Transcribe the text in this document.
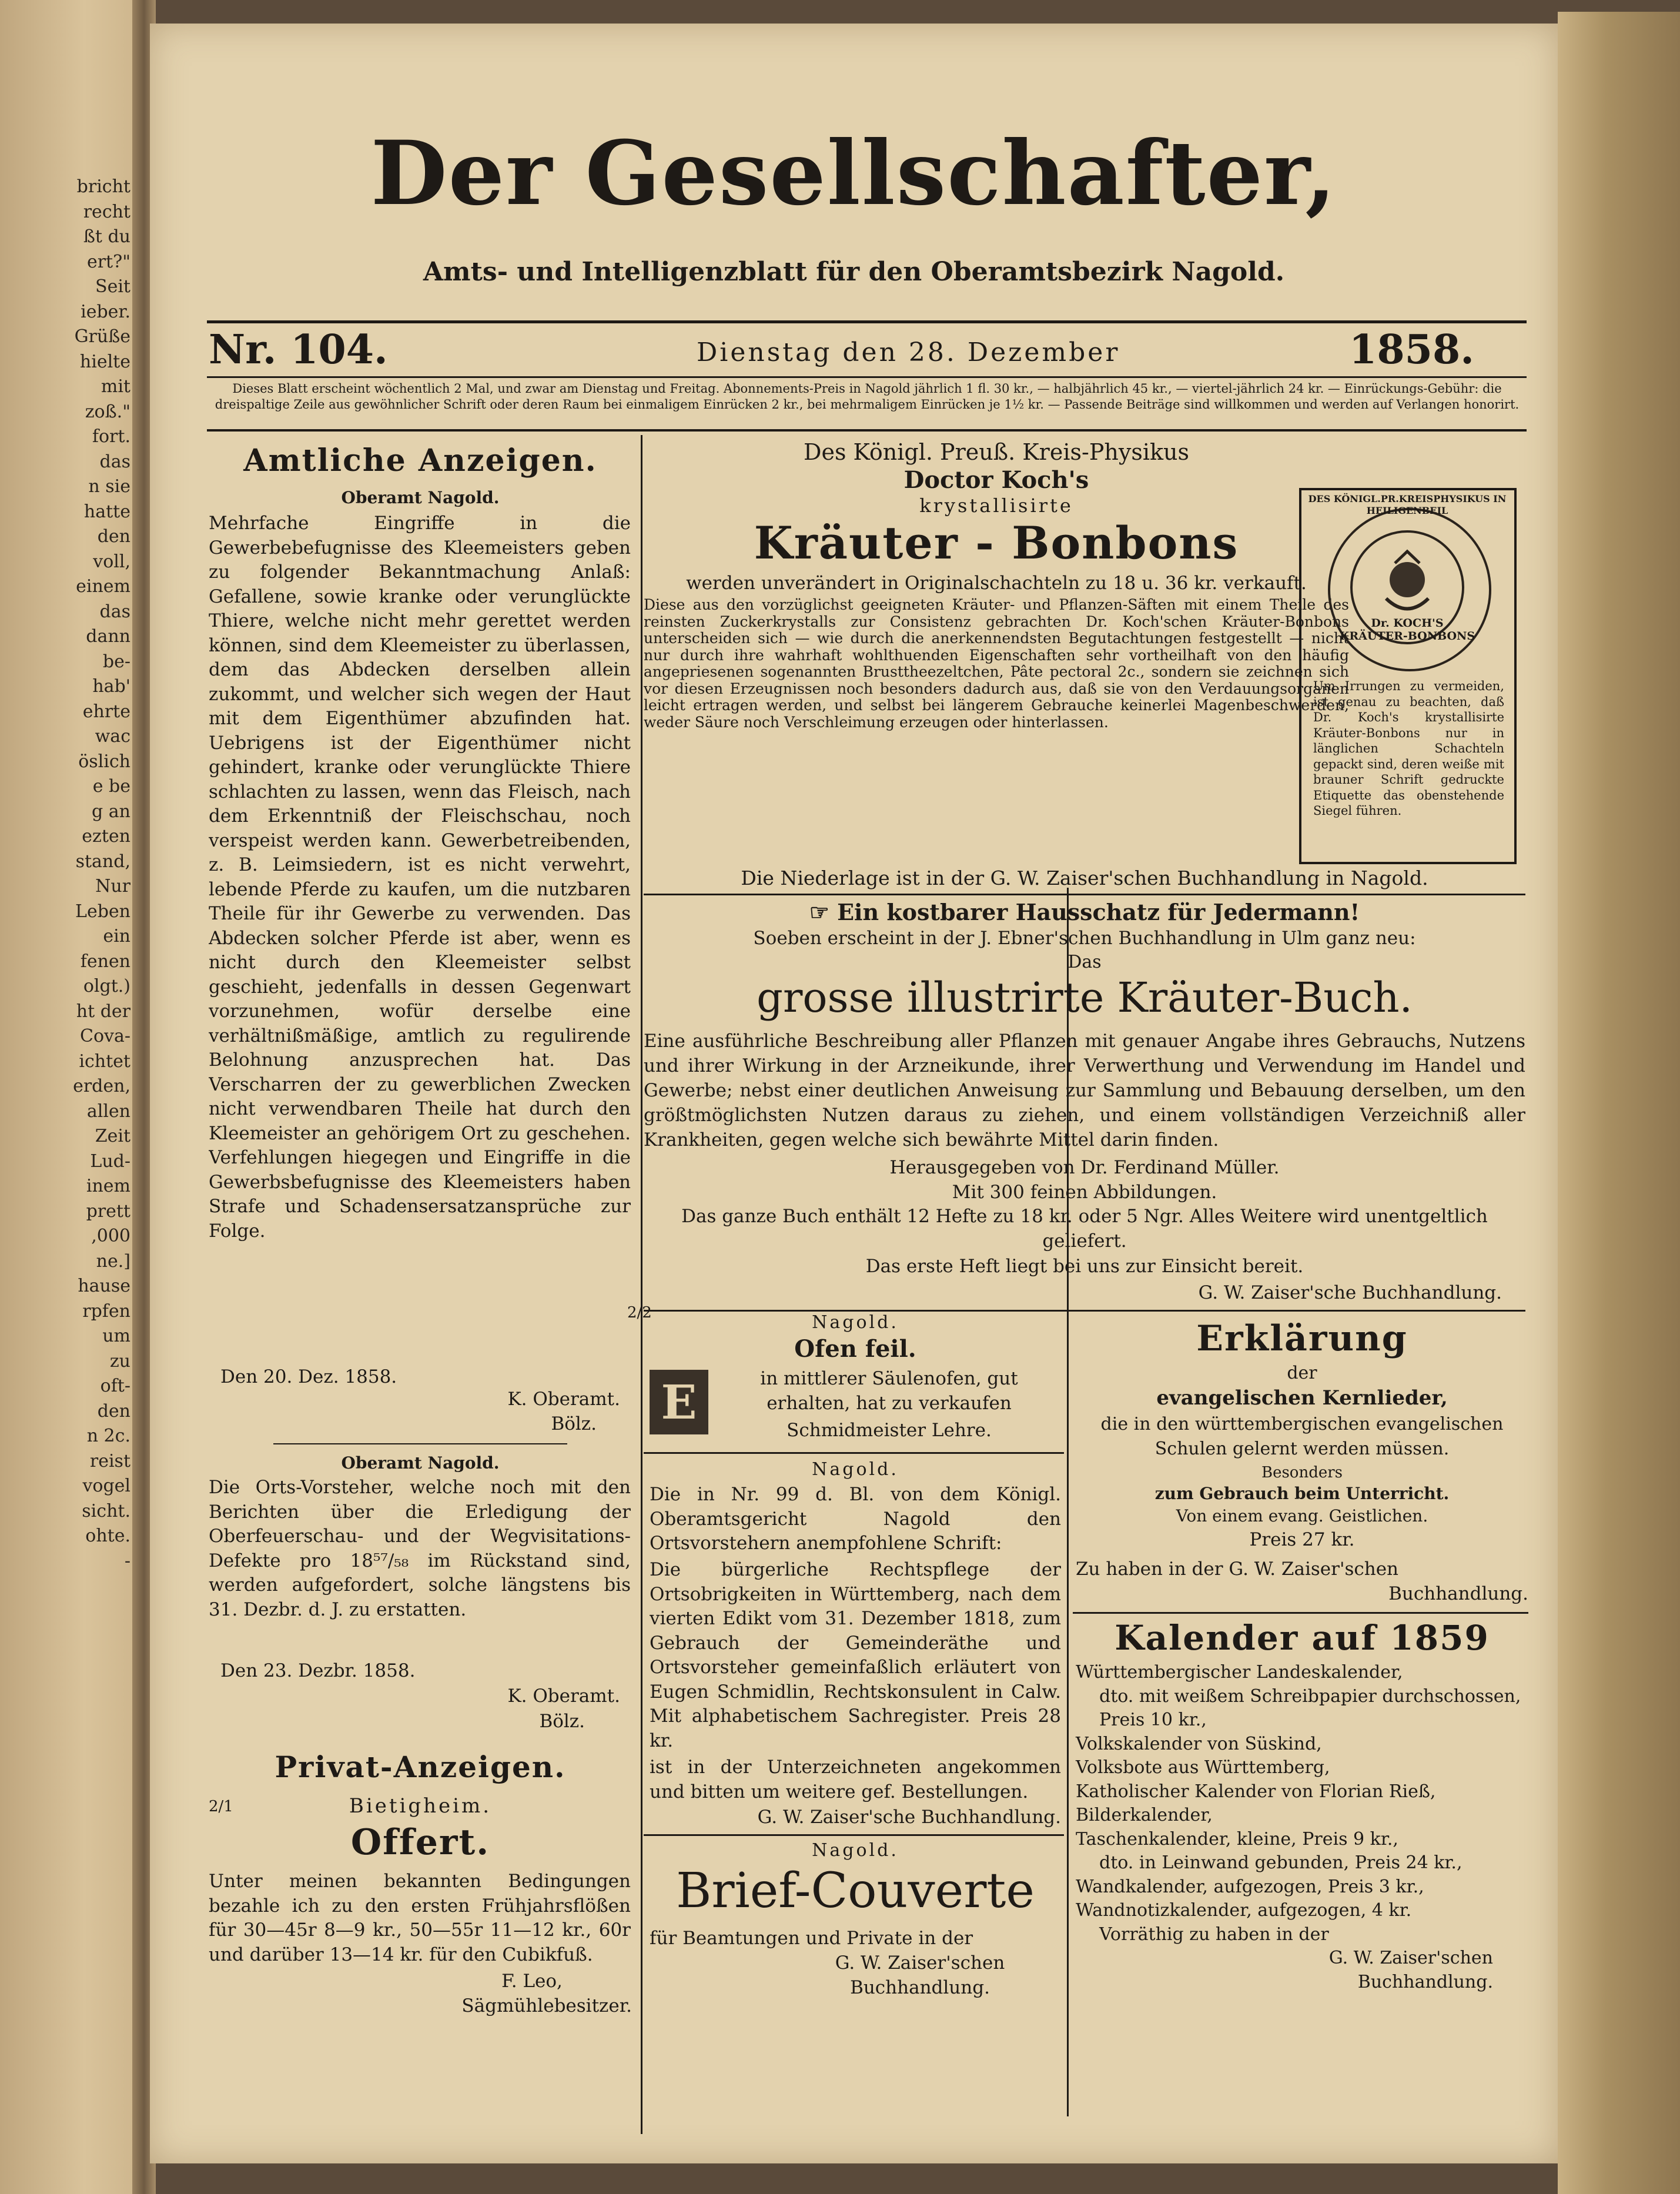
bricht
recht
ßt du
ert?"
Seit
ieber.
Grüße
hielte
mit
zoß."
fort.
das
n sie
hatte
den
voll,
einem
das
dann
be-
hab'
ehrte
wac
öslich
e be
g an
ezten
stand,
Nur
Leben
ein
fenen
olgt.)
ht der
Cova-
ichtet
erden,
allen
Zeit
Lud-
inem
prett
,000
ne.]
hause
rpfen
um
zu
oft-
den
n 2c.
reist
vogel
sicht.
ohte.
-
Der Gesellschafter,
Amts- und Intelligenzblatt für den Oberamtsbezirk Nagold.
Nr. 104.	Dienstag den 28. Dezember	1858.
Dieses Blatt erscheint wöchentlich 2 Mal, und zwar am Dienstag und Freitag. Abonnements-Preis in Nagold jährlich 1 fl. 30 kr., — halbjährlich 45 kr., — viertel-jährlich 24 kr. — Einrückungs-Gebühr: die dreispaltige Zeile aus gewöhnlicher Schrift oder deren Raum bei einmaligem Einrücken 2 kr., bei mehrmaligem Einrücken je 1½ kr. — Passende Beiträge sind willkommen und werden auf Verlangen honorirt.
Amtliche Anzeigen.
Oberamt Nagold.
Mehrfache Eingriffe in die Gewerbebefugnisse des Kleemeisters geben zu folgender Bekanntmachung Anlaß: Gefallene, sowie kranke oder verunglückte Thiere, welche nicht mehr gerettet werden können, sind dem Kleemeister zu überlassen, dem das Abdecken derselben allein zukommt, und welcher sich wegen der Haut mit dem Eigenthümer abzufinden hat. Uebrigens ist der Eigenthümer nicht gehindert, kranke oder verunglückte Thiere schlachten zu lassen, wenn das Fleisch, nach dem Erkenntniß der Fleischschau, noch verspeist werden kann. Gewerbetreibenden, z. B. Leimsiedern, ist es nicht verwehrt, lebende Pferde zu kaufen, um die nutzbaren Theile für ihr Gewerbe zu verwenden. Das Abdecken solcher Pferde ist aber, wenn es nicht durch den Kleemeister selbst geschieht, jedenfalls in dessen Gegenwart vorzunehmen, wofür derselbe eine verhältnißmäßige, amtlich zu regulirende Belohnung anzusprechen hat. Das Verscharren der zu gewerblichen Zwecken nicht verwendbaren Theile hat durch den Kleemeister an gehörigem Ort zu geschehen. Verfehlungen hiegegen und Eingriffe in die Gewerbsbefugnisse des Kleemeisters haben Strafe und Schadensersatzansprüche zur Folge.
Den 20. Dez. 1858.
K. Oberamt.
Bölz.
Oberamt Nagold.
Die Orts-Vorsteher, welche noch mit den Berichten über die Erledigung der Oberfeuerschau- und der Wegvisitations-Defekte pro 18⁵⁷/₅₈ im Rückstand sind, werden aufgefordert, solche längstens bis 31. Dezbr. d. J. zu erstatten.
Den 23. Dezbr. 1858.
K. Oberamt.
Bölz.
Privat-Anzeigen.
2/1	Bietigheim.
Offert.
Unter meinen bekannten Bedingungen bezahle ich zu den ersten Frühjahrsflößen für 30—45r 8—9 kr., 50—55r 11—12 kr., 60r und darüber 13—14 kr. für den Cubikfuß.
F. Leo,
Sägmühlebesitzer.
Des Königl. Preuß. Kreis-Physikus
Doctor Koch's
krystallisirte
Kräuter - Bonbons
werden unverändert in Originalschachteln zu 18 u. 36 kr. verkauft.
Diese aus den vorzüglichst geeigneten Kräuter- und Pflanzen-Säften mit einem Theile des reinsten Zuckerkrystalls zur Consistenz gebrachten Dr. Koch'schen Kräuter-Bonbons unterscheiden sich — wie durch die anerkennendsten Begutachtungen festgestellt — nicht nur durch ihre wahrhaft wohlthuenden Eigenschaften sehr vortheilhaft von den häufig angepriesenen sogenannten Brusttheezeltchen, Pâte pectoral 2c., sondern sie zeichnen sich vor diesen Erzeugnissen noch besonders dadurch aus, daß sie von den Verdauungsorganen leicht ertragen werden, und selbst bei längerem Gebrauche keinerlei Magenbeschwerden, weder Säure noch Verschleimung erzeugen oder hinterlassen.
DES KÖNIGL.PR.KREISPHYSIKUS IN HEILIGENBEIL
Dr. KOCH'S KRÄUTER-BONBONS
Um Irrungen zu vermeiden, ist genau zu beachten, daß Dr. Koch's krystallisirte Kräuter-Bonbons nur in länglichen Schachteln gepackt sind, deren weiße mit brauner Schrift gedruckte Etiquette das obenstehende Siegel führen.
Die Niederlage ist in der G. W. Zaiser'schen Buchhandlung in Nagold.
☞ Ein kostbarer Hausschatz für Jedermann!
Soeben erscheint in der J. Ebner'schen Buchhandlung in Ulm ganz neu:
Das
grosse illustrirte Kräuter-Buch.
Eine ausführliche Beschreibung aller Pflanzen mit genauer Angabe ihres Gebrauchs, Nutzens und ihrer Wirkung in der Arzneikunde, ihrer Verwerthung und Verwendung im Handel und Gewerbe; nebst einer deutlichen Anweisung zur Sammlung und Bebauung derselben, um den größtmöglichsten Nutzen daraus zu ziehen, und einem vollständigen Verzeichniß aller Krankheiten, gegen welche sich bewährte Mittel darin finden.
Herausgegeben von Dr. Ferdinand Müller.
Mit 300 feinen Abbildungen.
Das ganze Buch enthält 12 Hefte zu 18 kr. oder 5 Ngr. Alles Weitere wird unentgeltlich geliefert.
Das erste Heft liegt bei uns zur Einsicht bereit.
G. W. Zaiser'sche Buchhandlung.
2/2	Nagold.
Ofen feil.
E	in mittlerer Säulenofen, gut erhalten, hat zu verkaufen
Schmidmeister Lehre.
Nagold.
Die in Nr. 99 d. Bl. von dem Königl. Oberamtsgericht Nagold den Ortsvorstehern anempfohlene Schrift:
Die bürgerliche Rechtspflege der Ortsobrigkeiten in Württemberg, nach dem vierten Edikt vom 31. Dezember 1818, zum Gebrauch der Gemeinderäthe und Ortsvorsteher gemeinfaßlich erläutert von Eugen Schmidlin, Rechtskonsulent in Calw. Mit alphabetischem Sachregister. Preis 28 kr.
ist in der Unterzeichneten angekommen und bitten um weitere gef. Bestellungen.
G. W. Zaiser'sche Buchhandlung.
Nagold.
Brief-Couverte
für Beamtungen und Private in der
G. W. Zaiser'schen
Buchhandlung.
Erklärung
der
evangelischen Kernlieder,
die in den württembergischen evangelischen Schulen gelernt werden müssen.
Besonders
zum Gebrauch beim Unterricht.
Von einem evang. Geistlichen.
Preis 27 kr.
Zu haben in der G. W. Zaiser'schen
Buchhandlung.
Kalender auf 1859
Württembergischer Landeskalender,
dto. mit weißem Schreibpapier durchschossen, Preis 10 kr.,
Volkskalender von Süskind,
Volksbote aus Württemberg,
Katholischer Kalender von Florian Rieß,
Bilderkalender,
Taschenkalender, kleine, Preis 9 kr.,
dto. in Leinwand gebunden, Preis 24 kr.,
Wandkalender, aufgezogen, Preis 3 kr.,
Wandnotizkalender, aufgezogen, 4 kr.
Vorräthig zu haben in der
G. W. Zaiser'schen
Buchhandlung.
